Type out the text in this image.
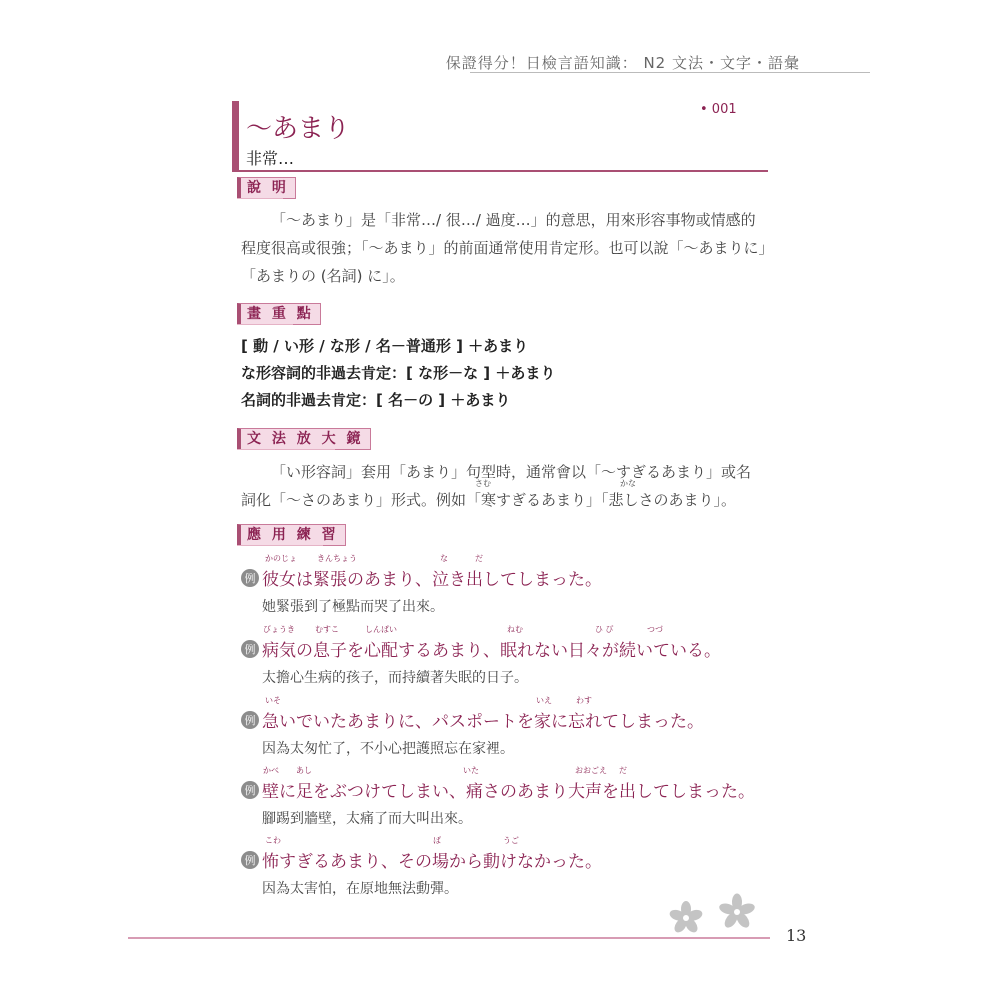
保證得分！日檢言語知識： N2 文法・文字・語彙
～あまり
非常…
• 001
說 明

「～あまり」是「非常…/ 很…/ 過度…」的意思，用來形容事物或情感的

程度很高或很強；「～あまり」的前面通常使用肯定形。也可以說「～あまりに」

「あまりの (名詞) に」。

畫 重 點
[ 動 / い形 / な形 / 名－普通形 ] ＋あまり
な形容詞的非過去肯定：[ な形－な ] ＋あまり
名詞的非過去肯定：[ 名－の ] ＋あまり
文 法 放 大 鏡

「い形容詞」套用「あまり」句型時，通常會以「～すぎるあまり」或名

詞化「～さのあまり」形式。例如「寒すぎるあまり」「悲しさのあまり」。

さむ	かな
應 用 練 習
かのじょ	きんちょう	な	だ
例 彼女は緊張のあまり、泣き出してしまった。
她緊張到了極點而哭了出來。
びょうき	むすこ	しんぱい	ねむ	ひ び	つづ
例 病気の息子を心配するあまり、眠れない日々が続いている。
太擔心生病的孩子，而持續著失眠的日子。
いそ	いえ	わす
例 急いでいたあまりに、パスポートを家に忘れてしまった。
因為太匆忙了，不小心把護照忘在家裡。
かべ あし	いた	おおごえ だ
例 壁に足をぶつけてしまい、痛さのあまり大声を出してしまった。
腳踢到牆壁，太痛了而大叫出來。
こわ	ば	うご
例 怖すぎるあまり、その場から動けなかった。
因為太害怕，在原地無法動彈。
13
